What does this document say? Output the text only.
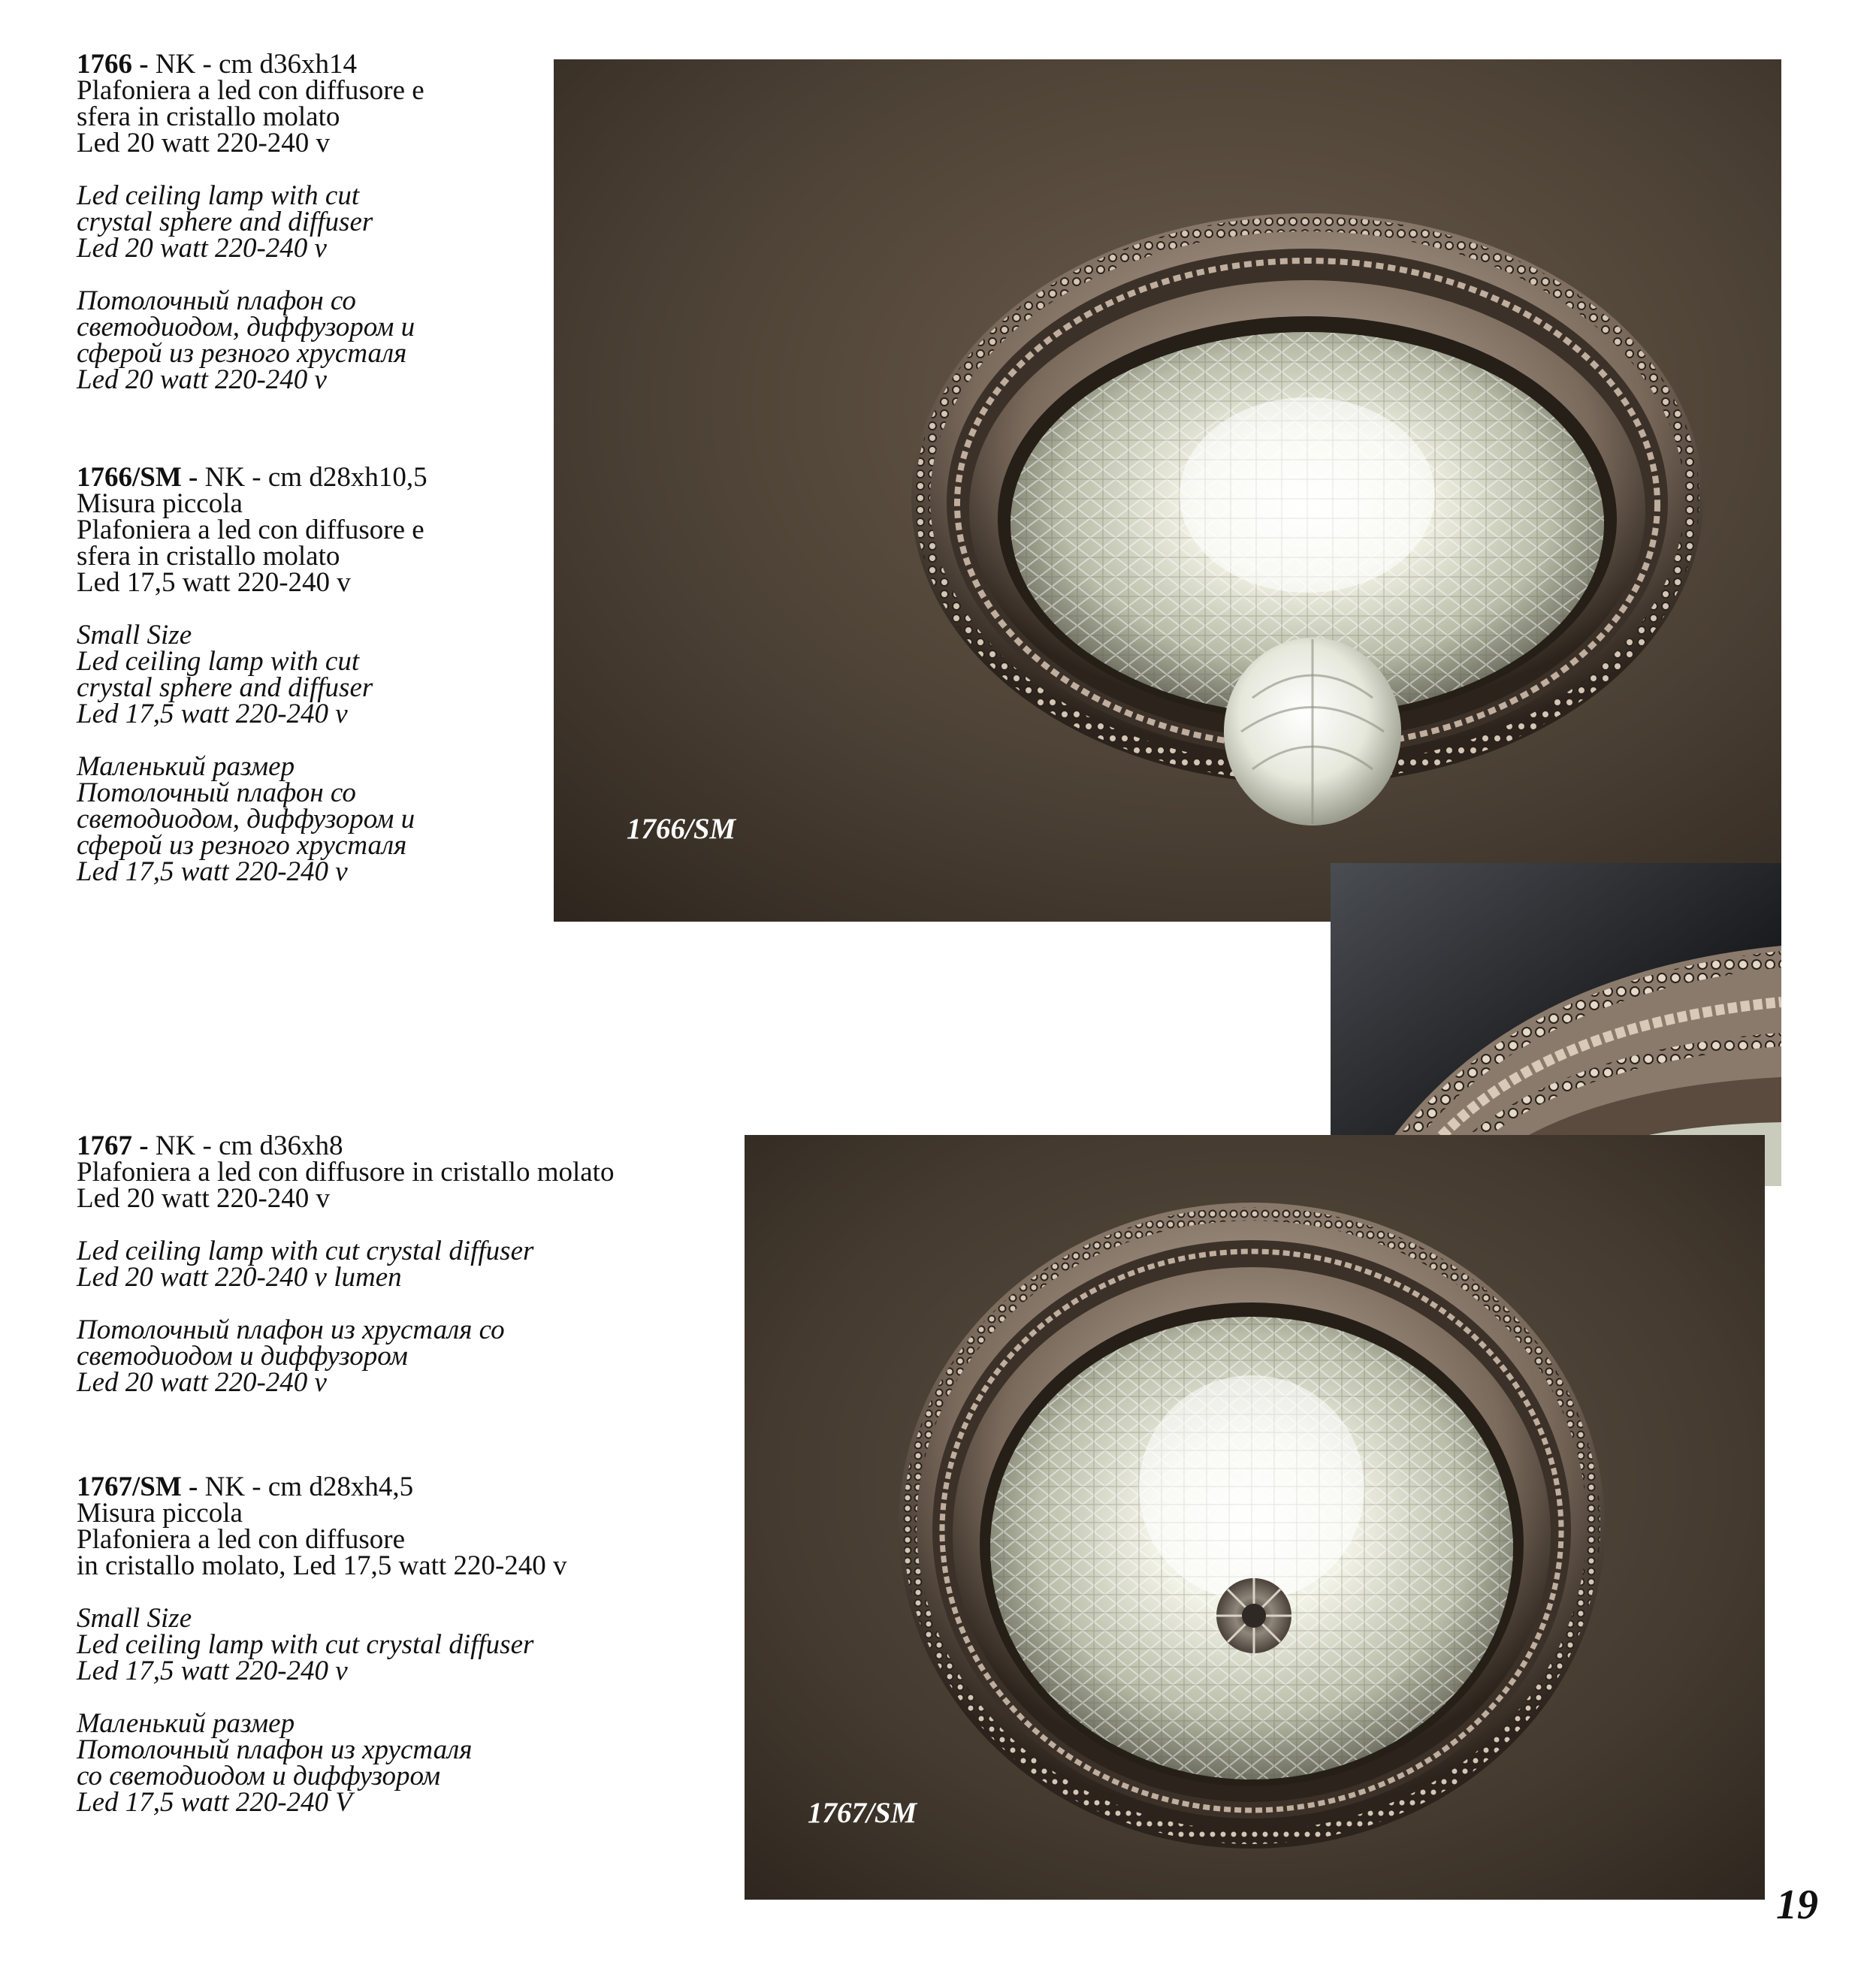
1766 - NK - cm d36xh14

Plafoniera a led con diffusore e

sfera in cristallo molato

Led 20 watt 220-240 v

Led ceiling lamp with cut

crystal sphere and diffuser

Led 20 watt 220-240 v

Потолочный плафон со

светодиодом, диффузором и

сферой из резного хрусталя

Led 20 watt 220-240 v

1766/SM - NK - cm d28xh10,5

Misura piccola

Plafoniera a led con diffusore e

sfera in cristallo molato

Led 17,5 watt 220-240 v

Small Size

Led ceiling lamp with cut

crystal sphere and diffuser

Led 17,5 watt 220-240 v

Маленький размер

Потолочный плафон со

светодиодом, диффузором и

сферой из резного хрусталя

Led 17,5 watt 220-240 v

1767 - NK - cm d36xh8

Plafoniera a led con diffusore in cristallo molato

Led 20 watt 220-240 v

Led ceiling lamp with cut crystal diffuser

Led 20 watt 220-240 v lumen

Потолочный плафон из хрусталя со

светодиодом и диффузором

Led 20 watt 220-240 v

1767/SM - NK - cm d28xh4,5

Misura piccola

Plafoniera a led con diffusore

in cristallo molato, Led 17,5 watt 220-240 v

Small Size

Led ceiling lamp with cut crystal diffuser

Led 17,5 watt 220-240 v

Маленький размер

Потолочный плафон из хрусталя

со светодиодом и диффузором

Led 17,5 watt 220-240 V

1766/SM
1767/SM
19
